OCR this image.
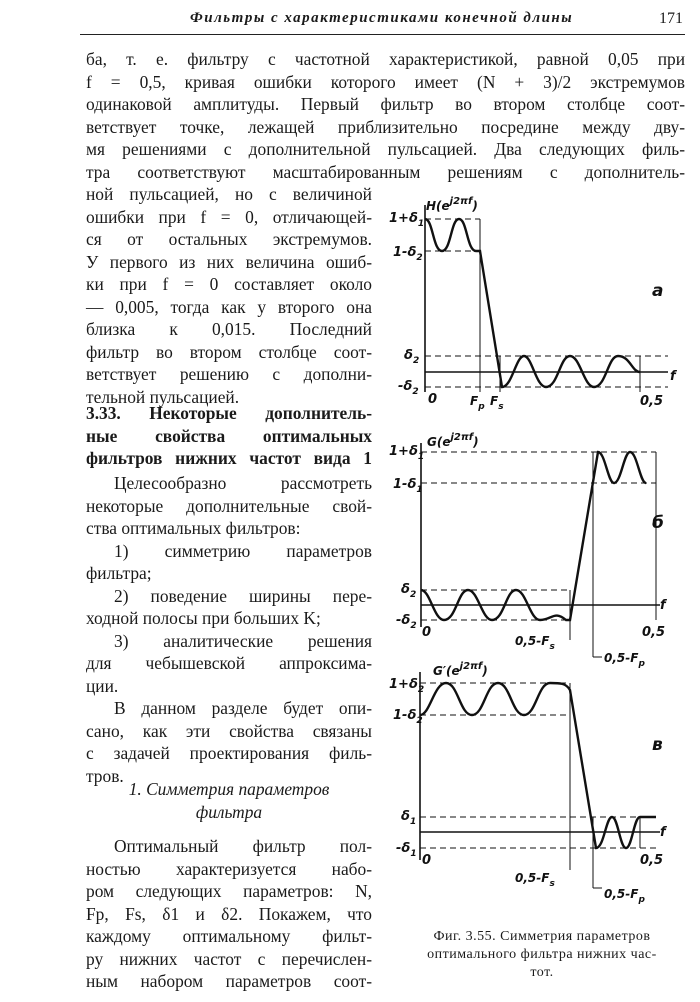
Фильтры с характеристиками конечной длины	171
ба, т. е. фильтру с частотной характеристикой, равной 0,05 при
f = 0,5, кривая ошибки которого имеет (N + 3)/2 экстремумов
одинаковой амплитуды. Первый фильтр во втором столбце соот-
ветствует точке, лежащей приблизительно посредине между дву-
мя решениями с дополнительной пульсацией. Два следующих филь-
тра соответствуют масштабированным решениям с дополнитель-
ной пульсацией, но с величиной
ошибки при f = 0, отличающей-
ся от остальных экстремумов.
У первого из них величина ошиб-
ки при f = 0 составляет около
— 0,005, тогда как у второго она
близка к 0,015. Последний
фильтр во втором столбце соот-
ветствует решению с дополни-
тельной пульсацией.
3.33. Некоторые дополнитель-
ные свойства оптимальных
фильтров нижних частот вида 1
Целесообразно рассмотреть
некоторые дополнительные свой-
ства оптимальных фильтров:
1) симметрию параметров
фильтра;
2) поведение ширины пере-
ходной полосы при больших K;
3) аналитические решения
для чебышевской аппроксима-
ции.
В данном разделе будет опи-
сано, как эти свойства связаны
с задачей проектирования филь-
тров.
1. Симметрия параметров
фильтра
Оптимальный фильтр пол-
ностью характеризуется набо-
ром следующих параметров: N,
Fp, Fs, δ1 и δ2. Покажем, что
каждому оптимальному фильт-
ру нижних частот с перечислен-
ным набором параметров соот-
$H(e^{j2\pi f})$
$1+\delta_1$
$1-\delta_2$
$\delta_2$
$-\delta_2$ 0	$F_p$ $F_s$	0,5
f
а
$G(e^{j2\pi f})$
$1+\delta_1$
$1-\delta_1$
$\delta_2$
$-\delta_2$ 0	0,5
f
$0,5-F_s$
$0,5-F_p$
б
$G'(e^{j2\pi f})$
$1+\delta_2$
$1-\delta_2$
$\delta_1$
$-\delta_1$ 0	0,5
f
$0,5-F_s$
$0,5-F_p$
в
Фиг. 3.55. Симметрия параметров
оптимального фильтра нижних час-
тот.
